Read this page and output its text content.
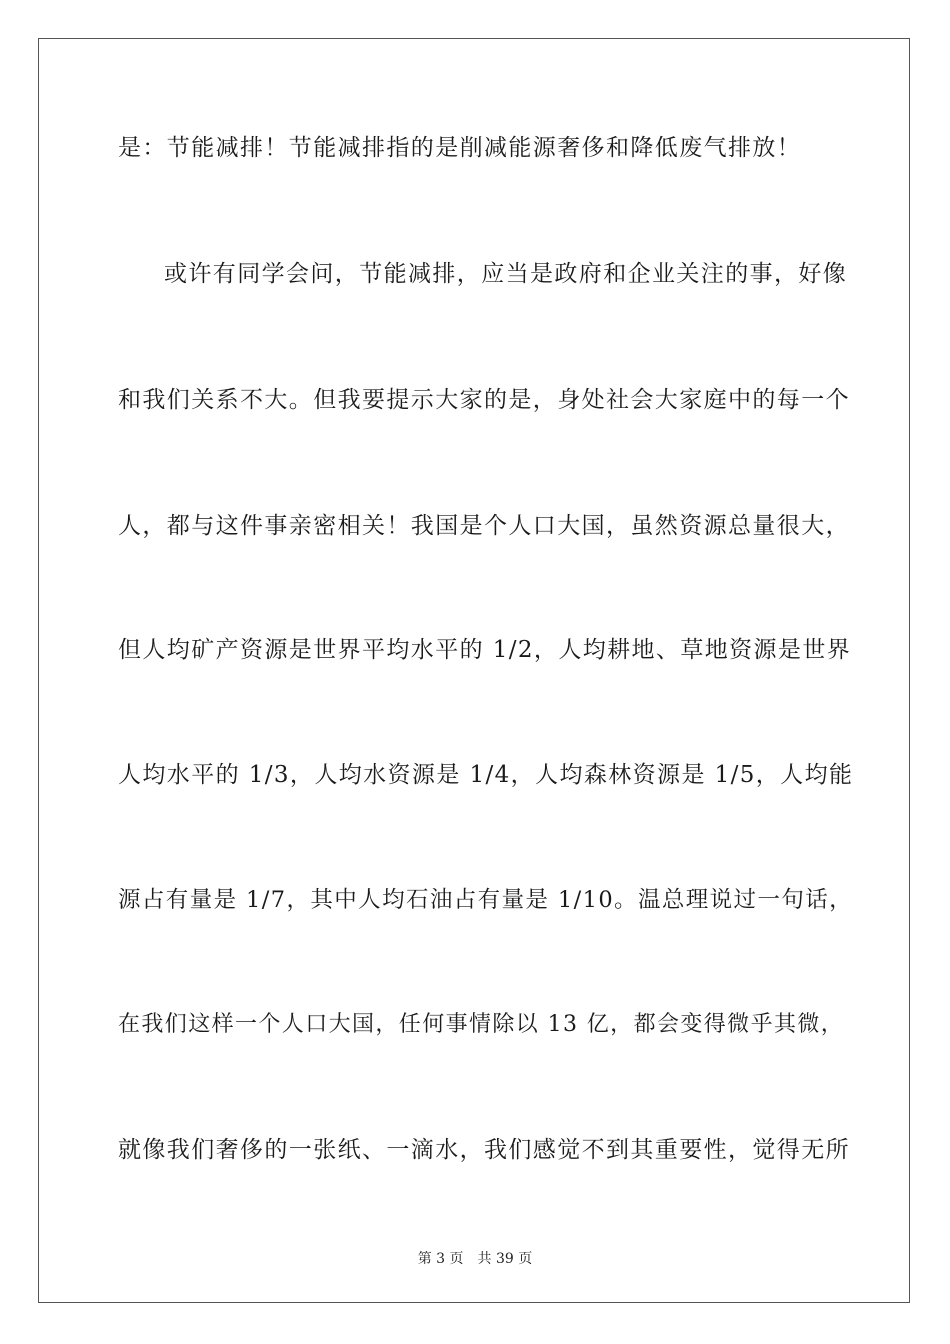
是：节能减排！节能减排指的是削减能源奢侈和降低废气排放！
或许有同学会问，节能减排，应当是政府和企业关注的事，好像
和我们关系不大。但我要提示大家的是，身处社会大家庭中的每一个
人，都与这件事亲密相关！我国是个人口大国，虽然资源总量很大，
但人均矿产资源是世界平均水平的 1/2，人均耕地、草地资源是世界
人均水平的 1/3，人均水资源是 1/4，人均森林资源是 1/5，人均能
源占有量是 1/7，其中人均石油占有量是 1/10。温总理说过一句话，
在我们这样一个人口大国，任何事情除以 13 亿，都会变得微乎其微，
就像我们奢侈的一张纸、一滴水，我们感觉不到其重要性，觉得无所
第 3 页 共 39 页
